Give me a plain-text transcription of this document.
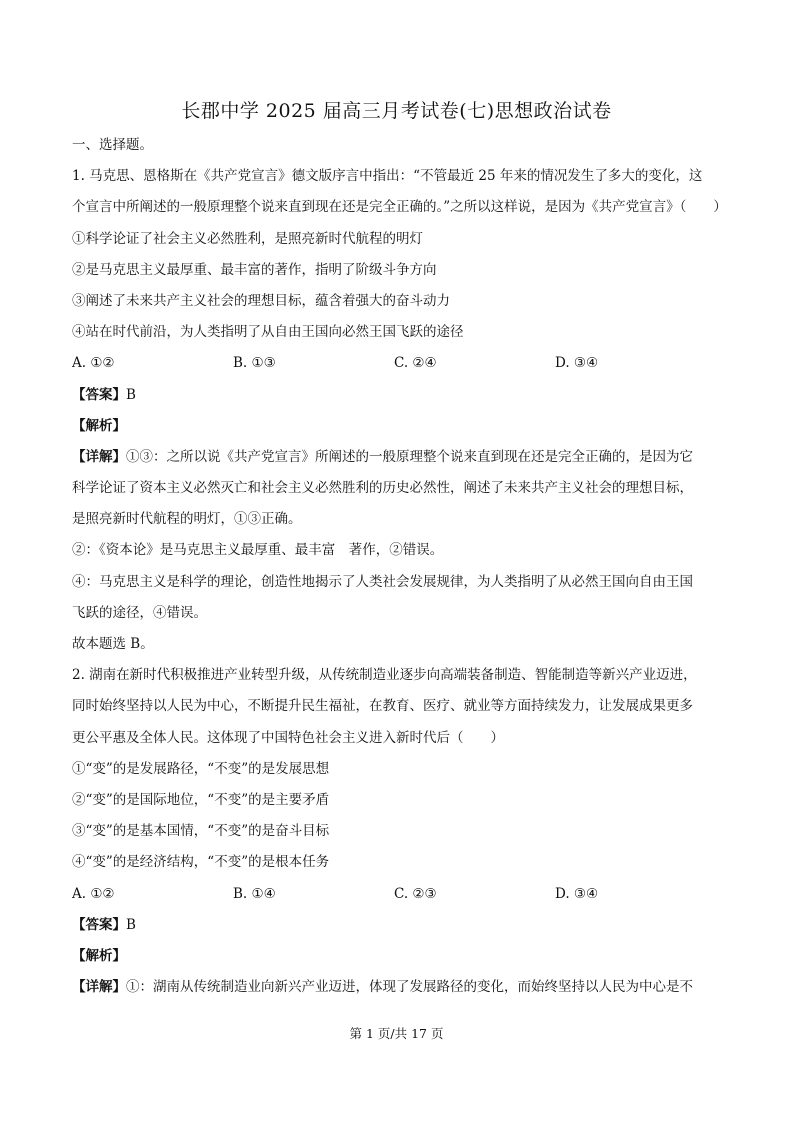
长郡中学 2025 届高三月考试卷(七)思想政治试卷
一、选择题。
1. 马克思、恩格斯在《共产党宣言》德文版序言中指出：“不管最近 25 年来的情况发生了多大的变化，这
个宣言中所阐述的一般原理整个说来直到现在还是完全正确的。”之所以这样说，是因为《共产党宣言》（　　）
①科学论证了社会主义必然胜利，是照亮新时代航程的明灯
②是马克思主义最厚重、最丰富的著作，指明了阶级斗争方向
③阐述了未来共产主义社会的理想目标，蕴含着强大的奋斗动力
④站在时代前沿，为人类指明了从自由王国向必然王国飞跃的途径
A. ①②	B. ①③	C. ②④	D. ③④
【答案】B
【解析】
【详解】①③：之所以说《共产党宣言》所阐述的一般原理整个说来直到现在还是完全正确的，是因为它
科学论证了资本主义必然灭亡和社会主义必然胜利的历史必然性，阐述了未来共产主义社会的理想目标，
是照亮新时代航程的明灯，①③正确。
②：《资本论》是马克思主义最厚重、最丰富　著作，②错误。
④：马克思主义是科学的理论，创造性地揭示了人类社会发展规律，为人类指明了从必然王国向自由王国
飞跃的途径，④错误。
故本题选 B。
2. 湖南在新时代积极推进产业转型升级，从传统制造业逐步向高端装备制造、智能制造等新兴产业迈进，
同时始终坚持以人民为中心，不断提升民生福祉，在教育、医疗、就业等方面持续发力，让发展成果更多
更公平惠及全体人民。这体现了中国特色社会主义进入新时代后（　　）
①“变”的是发展路径，“不变”的是发展思想
②“变”的是国际地位，“不变”的是主要矛盾
③“变”的是基本国情，“不变”的是奋斗目标
④“变”的是经济结构，“不变”的是根本任务
A. ①②	B. ①④	C. ②③	D. ③④
【答案】B
【解析】
【详解】①：湖南从传统制造业向新兴产业迈进，体现了发展路径的变化，而始终坚持以人民为中心是不
第 1 页/共 17 页
